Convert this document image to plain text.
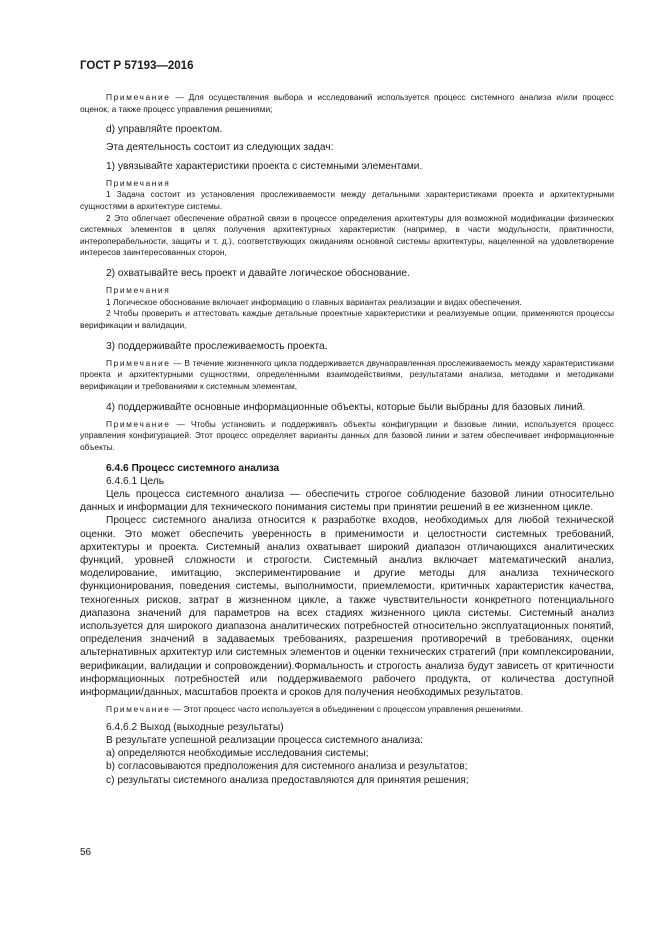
ГОСТ Р 57193—2016

Примечание — Для осуществления выбора и исследований используется процесс системного анализа и/или процесс оценок, а также процесс управления решениями;

d) управляйте проектом.

Эта деятельность состоит из следующих задач:

1) увязывайте характеристики проекта с системными элементами.

Примечания

1 Задача состоит из установления прослеживаемости между детальными характеристиками проекта и архитектурными сущностями в архитектуре системы.

2 Это облегчает обеспечение обратной связи в процессе определения архитектуры для возможной модификации физических системных элементов в целях получения архитектурных характеристик (например, в части модульности, практичности, интероперабельности, защиты и т. д.), соответствующих ожиданиям основной системы архитектуры, нацеленной на удовлетворение интересов заинтересованных сторон,

2) охватывайте весь проект и давайте логическое обоснование.

Примечания

1 Логическое обоснование включает информацию о главных вариантах реализации и видах обеспечения.

2 Чтобы проверить и аттестовать каждые детальные проектные характеристики и реализуемые опции, применяются процессы верификации и валидации,

3) поддерживайте прослеживаемость проекта.

Примечание — В течение жизненного цикла поддерживается двунаправленная прослеживаемость между характеристиками проекта и архитектурными сущностями, определенными взаимодействиями, результатами анализа, методами и методиками верификации и требованиями к системным элементам,

4) поддерживайте основные информационные объекты, которые были выбраны для базовых линий.

Примечание — Чтобы установить и поддерживать объекты конфигурации и базовые линии, используется процесс управления конфигурацией. Этот процесс определяет варианты данных для базовой линии и затем обеспечивает информационные объекты.

6.4.6 Процесс системного анализа

6.4.6.1 Цель

Цель процесса системного анализа — обеспечить строгое соблюдение базовой линии относительно данных и информации для технического понимания системы при принятии решений в ее жизненном цикле.

Процесс системного анализа относится к разработке входов, необходимых для любой технической оценки. Это может обеспечить уверенность в применимости и целостности системных требований, архитектуры и проекта. Системный анализ охватывает широкий диапазон отличающихся аналитических функций, уровней сложности и строгости. Системный анализ включает математический анализ, моделирование, имитацию, экспериментирование и другие методы для анализа технического функционирования, поведения системы, выполнимости, приемлемости, критичных характеристик качества, техногенных рисков, затрат в жизненном цикле, а также чувствительности конкретного потенциального диапазона значений для параметров на всех стадиях жизненного цикла системы. Системный анализ используется для широкого диапазона аналитических потребностей относительно эксплуатационных понятий, определения значений в задаваемых требованиях, разрешения противоречий в требованиях, оценки альтернативных архитектур или системных элементов и оценки технических стратегий (при комплексировании, верификации, валидации и сопровождении).Формальность и строгость анализа будут зависеть от критичности информационных потребностей или поддерживаемого рабочего продукта, от количества доступной информации/данных, масштабов проекта и сроков для получения необходимых результатов.

Примечание — Этот процесс часто используется в объединении с процессом управления решениями.

6.4.6.2 Выход (выходные результаты)

В результате успешной реализации процесса системного анализа:

a) определяются необходимые исследования системы;

b) согласовываются предположения для системного анализа и результатов;

c) результаты системного анализа предоставляются для принятия решения;

56
